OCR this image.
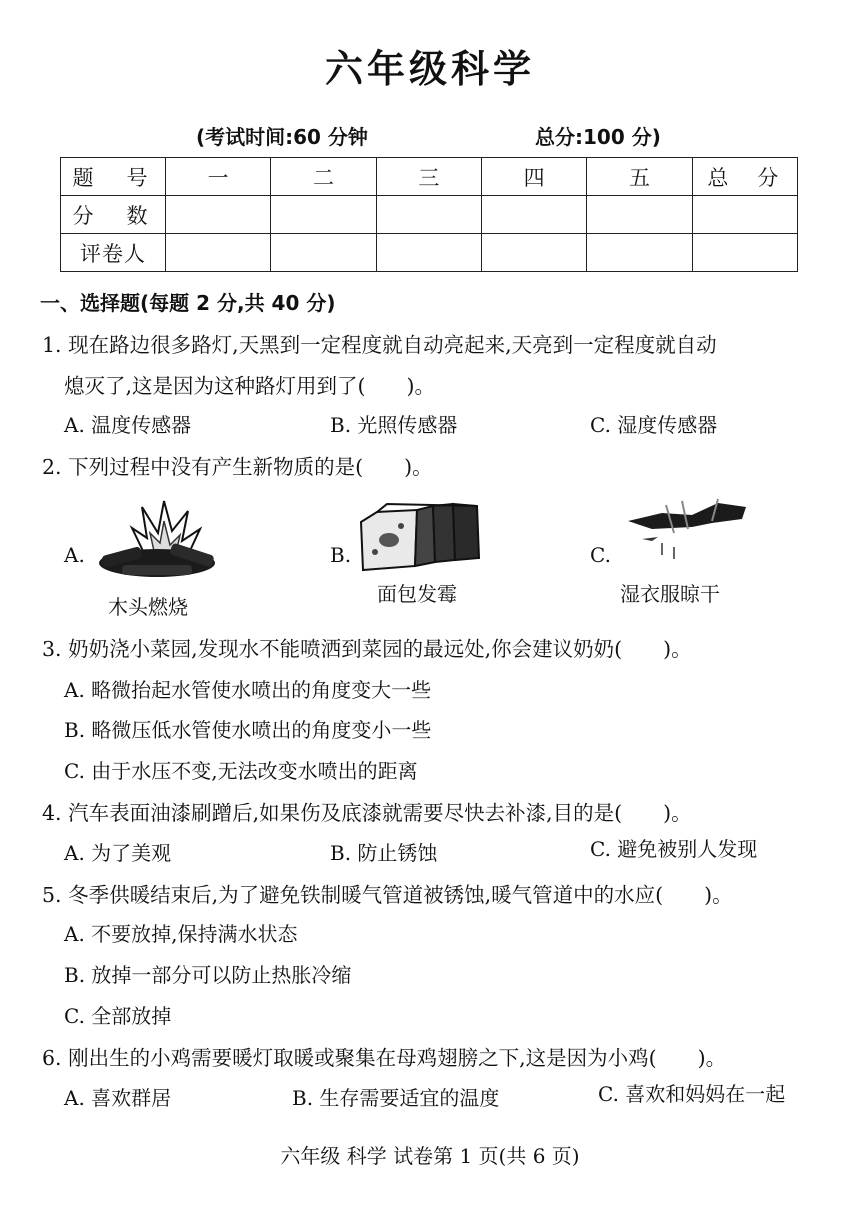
六年级科学
(考试时间:60 分钟	总分:100 分)
题　号	一	二	三	四	五	总　分
分　数						
评卷人						
一、选择题(每题 2 分,共 40 分)
1. 现在路边很多路灯,天黑到一定程度就自动亮起来,天亮到一定程度就自动
熄灭了,这是因为这种路灯用到了(　　)。
A. 温度传感器	B. 光照传感器	C. 湿度传感器
2. 下列过程中没有产生新物质的是(　　)。
A.
木头燃烧
B.
面包发霉
C.
湿衣服晾干
3. 奶奶浇小菜园,发现水不能喷洒到菜园的最远处,你会建议奶奶(　　)。
A. 略微抬起水管使水喷出的角度变大一些
B. 略微压低水管使水喷出的角度变小一些
C. 由于水压不变,无法改变水喷出的距离
4. 汽车表面油漆刷蹭后,如果伤及底漆就需要尽快去补漆,目的是(　　)。
A. 为了美观	B. 防止锈蚀	C. 避免被别人发现
5. 冬季供暖结束后,为了避免铁制暖气管道被锈蚀,暖气管道中的水应(　　)。
A. 不要放掉,保持满水状态
B. 放掉一部分可以防止热胀冷缩
C. 全部放掉
6. 刚出生的小鸡需要暖灯取暖或聚集在母鸡翅膀之下,这是因为小鸡(　　)。
A. 喜欢群居	B. 生存需要适宜的温度	C. 喜欢和妈妈在一起
六年级 科学 试卷第 1 页(共 6 页)
